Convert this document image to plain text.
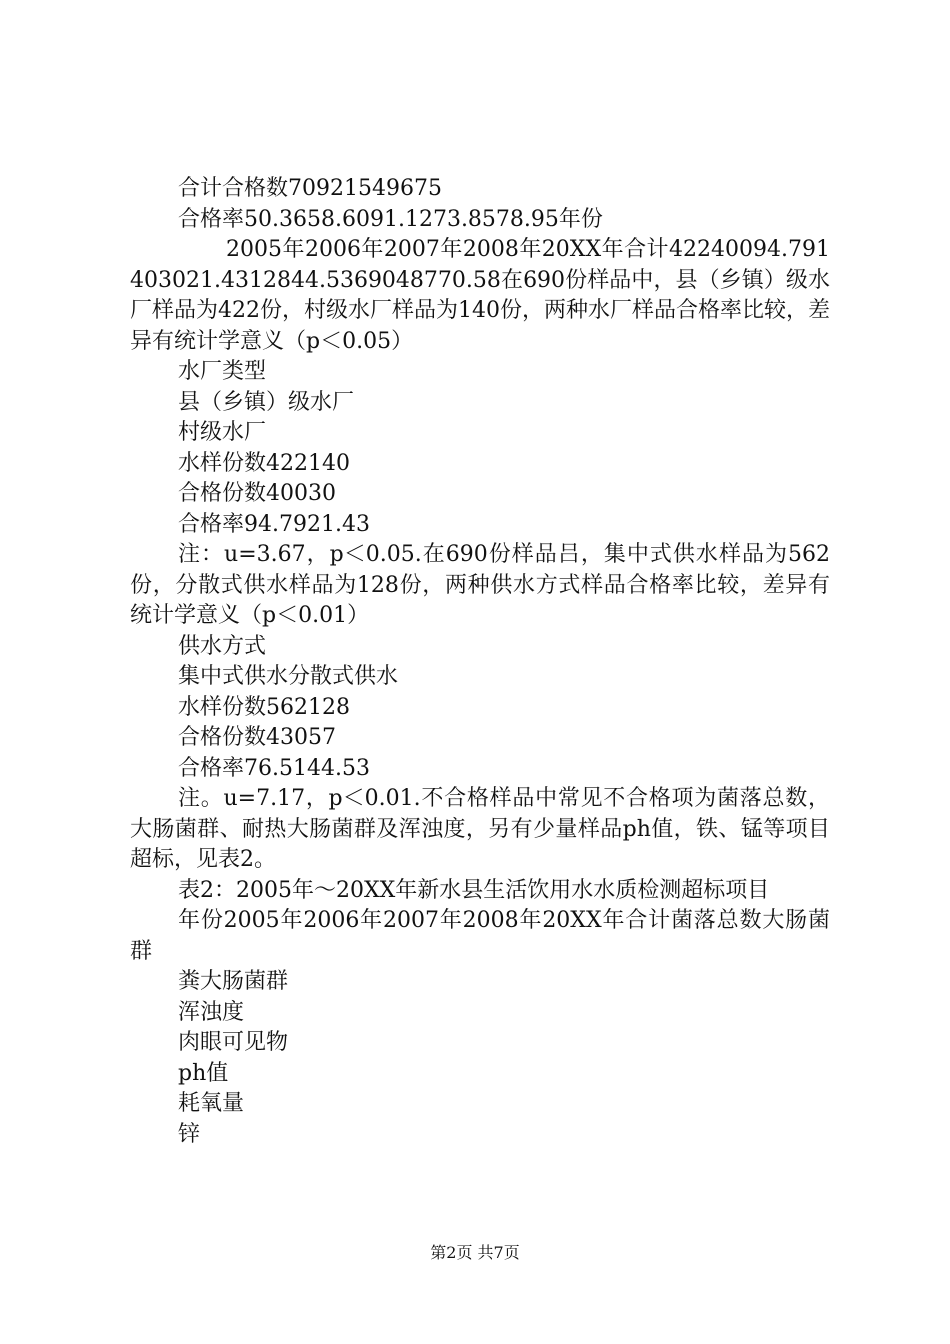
合计合格数70921549675

合格率50.3658.6091.1273.8578.95年份

2005年2006年2007年2008年20XX年合计42240094.791403021.4312844.5369048770.58在690份样品中，县（乡镇）级水厂样品为422份，村级水厂样品为140份，两种水厂样品合格率比较，差异有统计学意义（p＜0.05）

水厂类型

县（乡镇）级水厂

村级水厂

水样份数422140

合格份数40030

合格率94.7921.43

注：u=3.67，p＜0.05.在690份样品吕，集中式供水样品为562份，分散式供水样品为128份，两种供水方式样品合格率比较，差异有统计学意义（p＜0.01）

供水方式

集中式供水分散式供水

水样份数562128

合格份数43057

合格率76.5144.53

注。u=7.17，p＜0.01.不合格样品中常见不合格项为菌落总数，大肠菌群、耐热大肠菌群及浑浊度，另有少量样品ph值，铁、锰等项目超标，见表2。

表2：2005年～20XX年新水县生活饮用水水质检测超标项目

年份2005年2006年2007年2008年20XX年合计菌落总数大肠菌群

粪大肠菌群

浑浊度

肉眼可见物

ph值

耗氧量

锌

第2页 共7页
